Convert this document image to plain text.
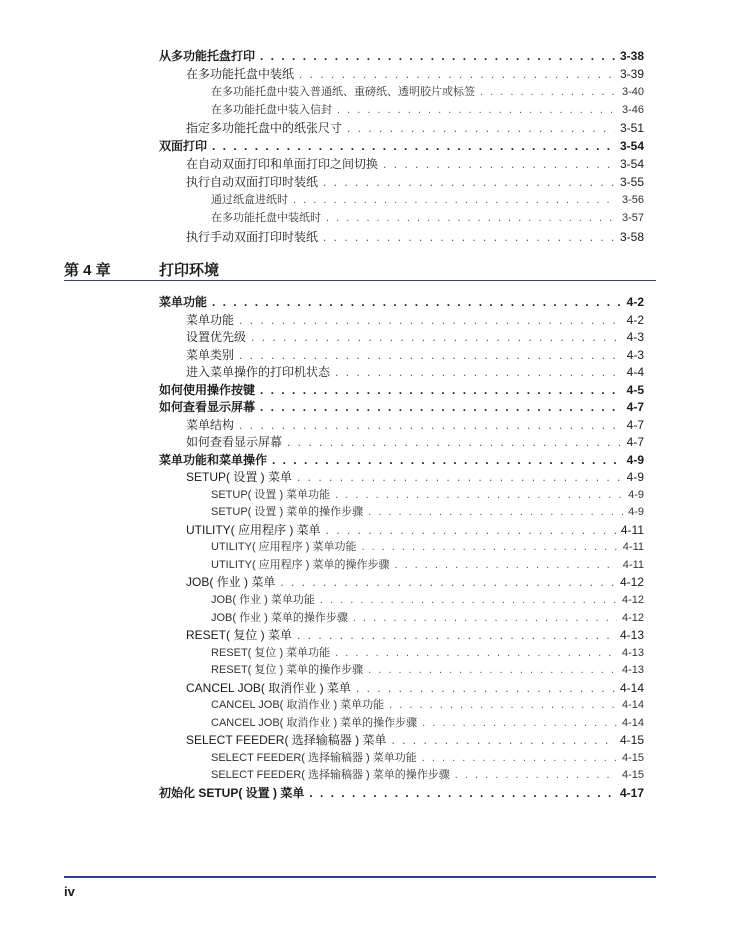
从多功能托盘打印 . . .	3-38
在多功能托盘中装纸 . . .	3-39
在多功能托盘中装入普通纸、重磅纸、透明胶片或标签 . . .	3-40
在多功能托盘中装入信封 . . .	3-46
指定多功能托盘中的纸张尺寸 . . .	3-51
双面打印 . . .	3-54
在自动双面打印和单面打印之间切换 . . .	3-54
执行自动双面打印时装纸 . . .	3-55
通过纸盒进纸时 . . .	3-56
在多功能托盘中装纸时 . . .	3-57
执行手动双面打印时装纸 . . .	3-58
菜单功能 . . .	4-2
菜单功能 . . .	4-2
设置优先级 . . .	4-3
菜单类别 . . .	4-3
进入菜单操作的打印机状态 . . .	4-4
如何使用操作按键 . . .	4-5
如何查看显示屏幕 . . .	4-7
菜单结构 . . .	4-7
如何查看显示屏幕 . . .	4-7
菜单功能和菜单操作 . . .	4-9
SETUP( 设置 ) 菜单 . . .	4-9
SETUP( 设置 ) 菜单功能 . . .	4-9
SETUP( 设置 ) 菜单的操作步骤 . . .	4-9
UTILITY( 应用程序 ) 菜单 . . .	4-11
UTILITY( 应用程序 ) 菜单功能 . . .	4-11
UTILITY( 应用程序 ) 菜单的操作步骤 . . .	4-11
JOB( 作业 ) 菜单 . . .	4-12
JOB( 作业 ) 菜单功能 . . .	4-12
JOB( 作业 ) 菜单的操作步骤 . . .	4-12
RESET( 复位 ) 菜单 . . .	4-13
RESET( 复位 ) 菜单功能 . . .	4-13
RESET( 复位 ) 菜单的操作步骤 . . .	4-13
CANCEL JOB( 取消作业 ) 菜单 . . .	4-14
CANCEL JOB( 取消作业 ) 菜单功能 . . .	4-14
CANCEL JOB( 取消作业 ) 菜单的操作步骤 . . .	4-14
SELECT FEEDER( 选择输稿器 ) 菜单 . . .	4-15
SELECT FEEDER( 选择输稿器 ) 菜单功能 . . .	4-15
SELECT FEEDER( 选择输稿器 ) 菜单的操作步骤 . . .	4-15
初始化 SETUP( 设置 ) 菜单 . . .	4-17
第 4 章	打印环境
iv
